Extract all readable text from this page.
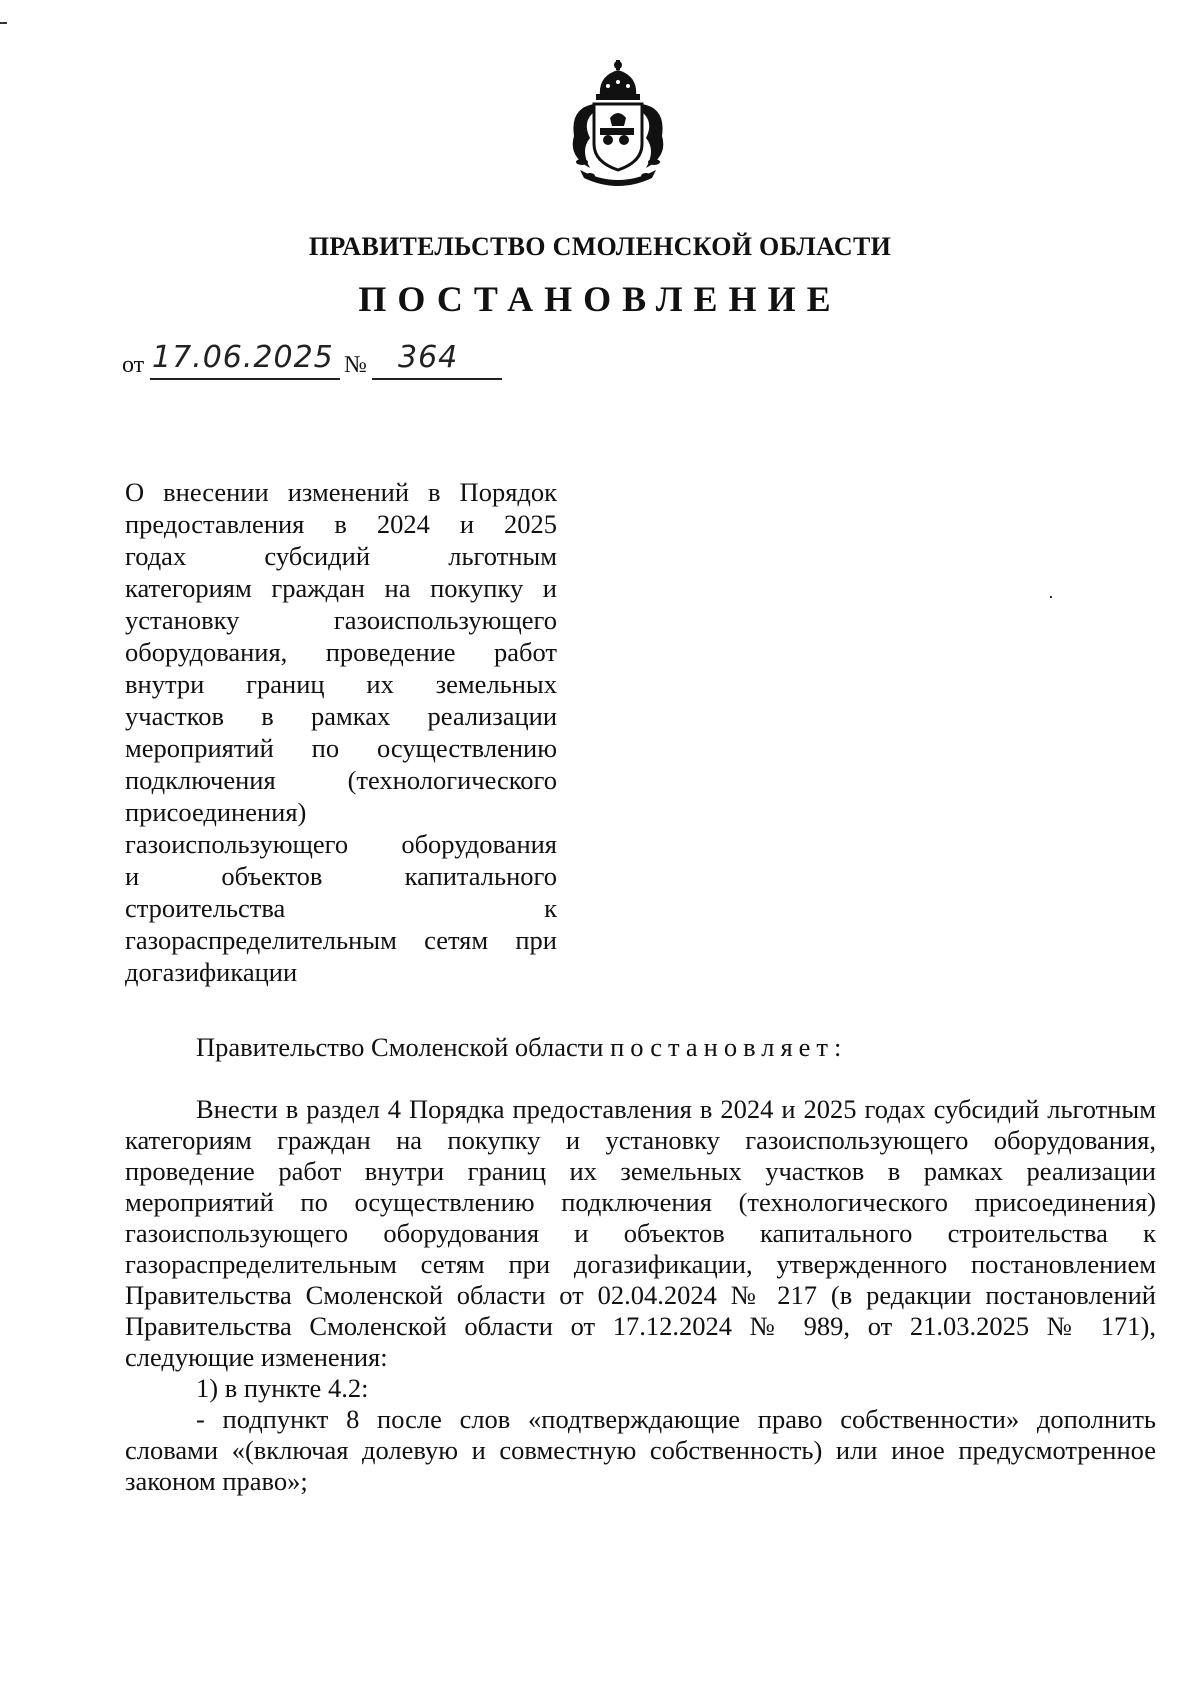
ПРАВИТЕЛЬСТВО СМОЛЕНСКОЙ ОБЛАСТИ
ПОСТАНОВЛЕНИЕ
от 17.06.2025 № 364
О внесении изменений в Порядок
предоставления в 2024 и 2025
годах субсидий льготным
категориям граждан на покупку и
установку газоиспользующего
оборудования, проведение работ
внутри границ их земельных
участков в рамках реализации
мероприятий по осуществлению
подключения (технологического
присоединения)
газоиспользующего оборудования
и объектов капитального
строительства к
газораспределительным сетям при
догазификации
Правительство Смоленской области постановляет:

Внести в раздел 4 Порядка предоставления в 2024 и 2025 годах субсидий льготным категориям граждан на покупку и установку газоиспользующего оборудования, проведение работ внутри границ их земельных участков в рамках реализации мероприятий по осуществлению подключения (технологического присоединения) газоиспользующего оборудования и объектов капитального строительства к газораспределительным сетям при догазификации, утвержденного постановлением Правительства Смоленской области от 02.04.2024 № 217 (в редакции постановлений Правительства Смоленской области от 17.12.2024 № 989, от 21.03.2025 № 171), следующие изменения:

1) в пункте 4.2:

- подпункт 8 после слов «подтверждающие право собственности» дополнить

словами «(включая долевую и совместную собственность) или иное предусмотренное законом право»;
